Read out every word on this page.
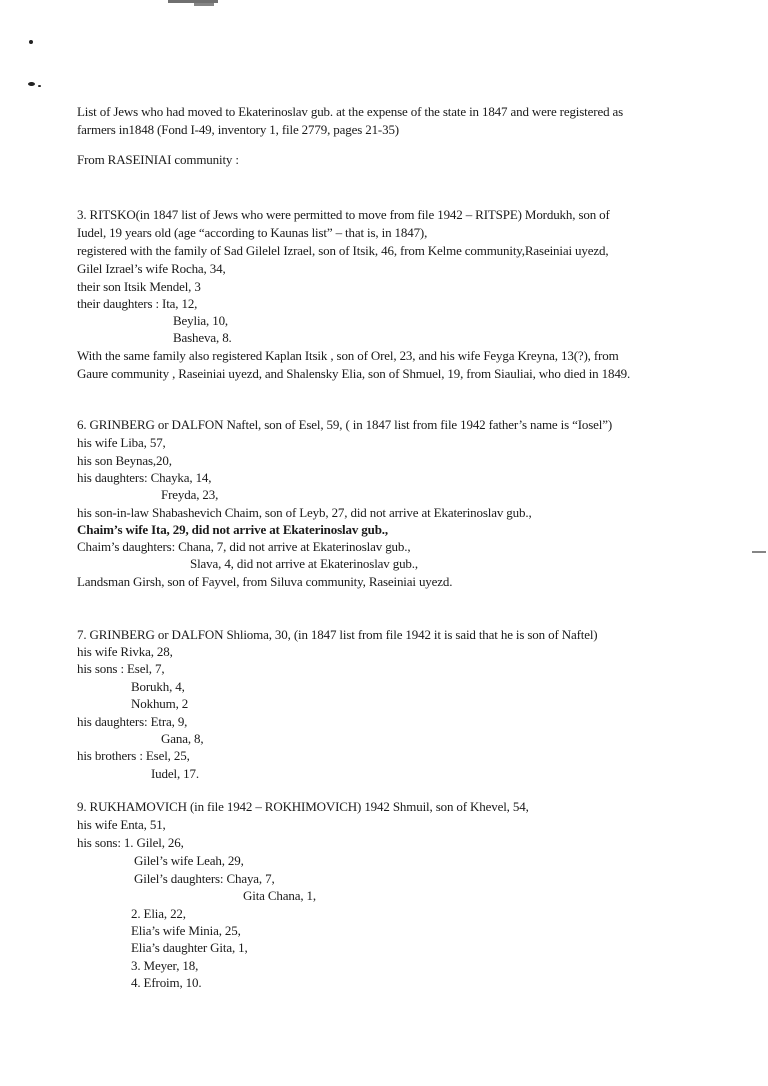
List of Jews who had moved to Ekaterinoslav gub. at the expense of the state in 1847 and were registered as
farmers in1848 (Fond I-49, inventory 1, file 2779, pages 21-35)
From RASEINIAI community :
3. RITSKO(in 1847 list of Jews who were permitted to move from file 1942 – RITSPE) Mordukh, son of
Iudel, 19 years old (age “according to Kaunas list” – that is, in 1847),
registered with the family of Sad Gilelel Izrael, son of Itsik, 46, from Kelme community,Raseiniai uyezd,
Gilel Izrael’s wife Rocha, 34,
their son Itsik Mendel, 3
their daughters : Ita, 12,
Beylia, 10,
Basheva, 8.
With the same family also registered Kaplan Itsik , son of Orel, 23, and his wife Feyga Kreyna, 13(?), from
Gaure community , Raseiniai uyezd, and Shalensky Elia, son of Shmuel, 19, from Siauliai, who died in 1849.
6. GRINBERG or DALFON Naftel, son of Esel, 59, ( in 1847 list from file 1942 father’s name is “Iosel”)
his wife Liba, 57,
his son Beynas,20,
his daughters: Chayka, 14,
Freyda, 23,
his son-in-law Shabashevich Chaim, son of Leyb, 27, did not arrive at Ekaterinoslav gub.,
Chaim’s wife Ita, 29, did not arrive at Ekaterinoslav gub.,
Chaim’s daughters: Chana, 7, did not arrive at Ekaterinoslav gub.,
Slava, 4, did not arrive at Ekaterinoslav gub.,
Landsman Girsh, son of Fayvel, from Siluva community, Raseiniai uyezd.
7. GRINBERG or DALFON Shlioma, 30, (in 1847 list from file 1942 it is said that he is son of Naftel)
his wife Rivka, 28,
his sons : Esel, 7,
Borukh, 4,
Nokhum, 2
his daughters: Etra, 9,
Gana, 8,
his brothers : Esel, 25,
Iudel, 17.
9. RUKHAMOVICH (in file 1942 – ROKHIMOVICH) 1942 Shmuil, son of Khevel, 54,
his wife Enta, 51,
his sons: 1. Gilel, 26,
Gilel’s wife Leah, 29,
Gilel’s daughters: Chaya, 7,
Gita Chana, 1,
2. Elia, 22,
Elia’s wife Minia, 25,
Elia’s daughter Gita, 1,
3. Meyer, 18,
4. Efroim, 10.
